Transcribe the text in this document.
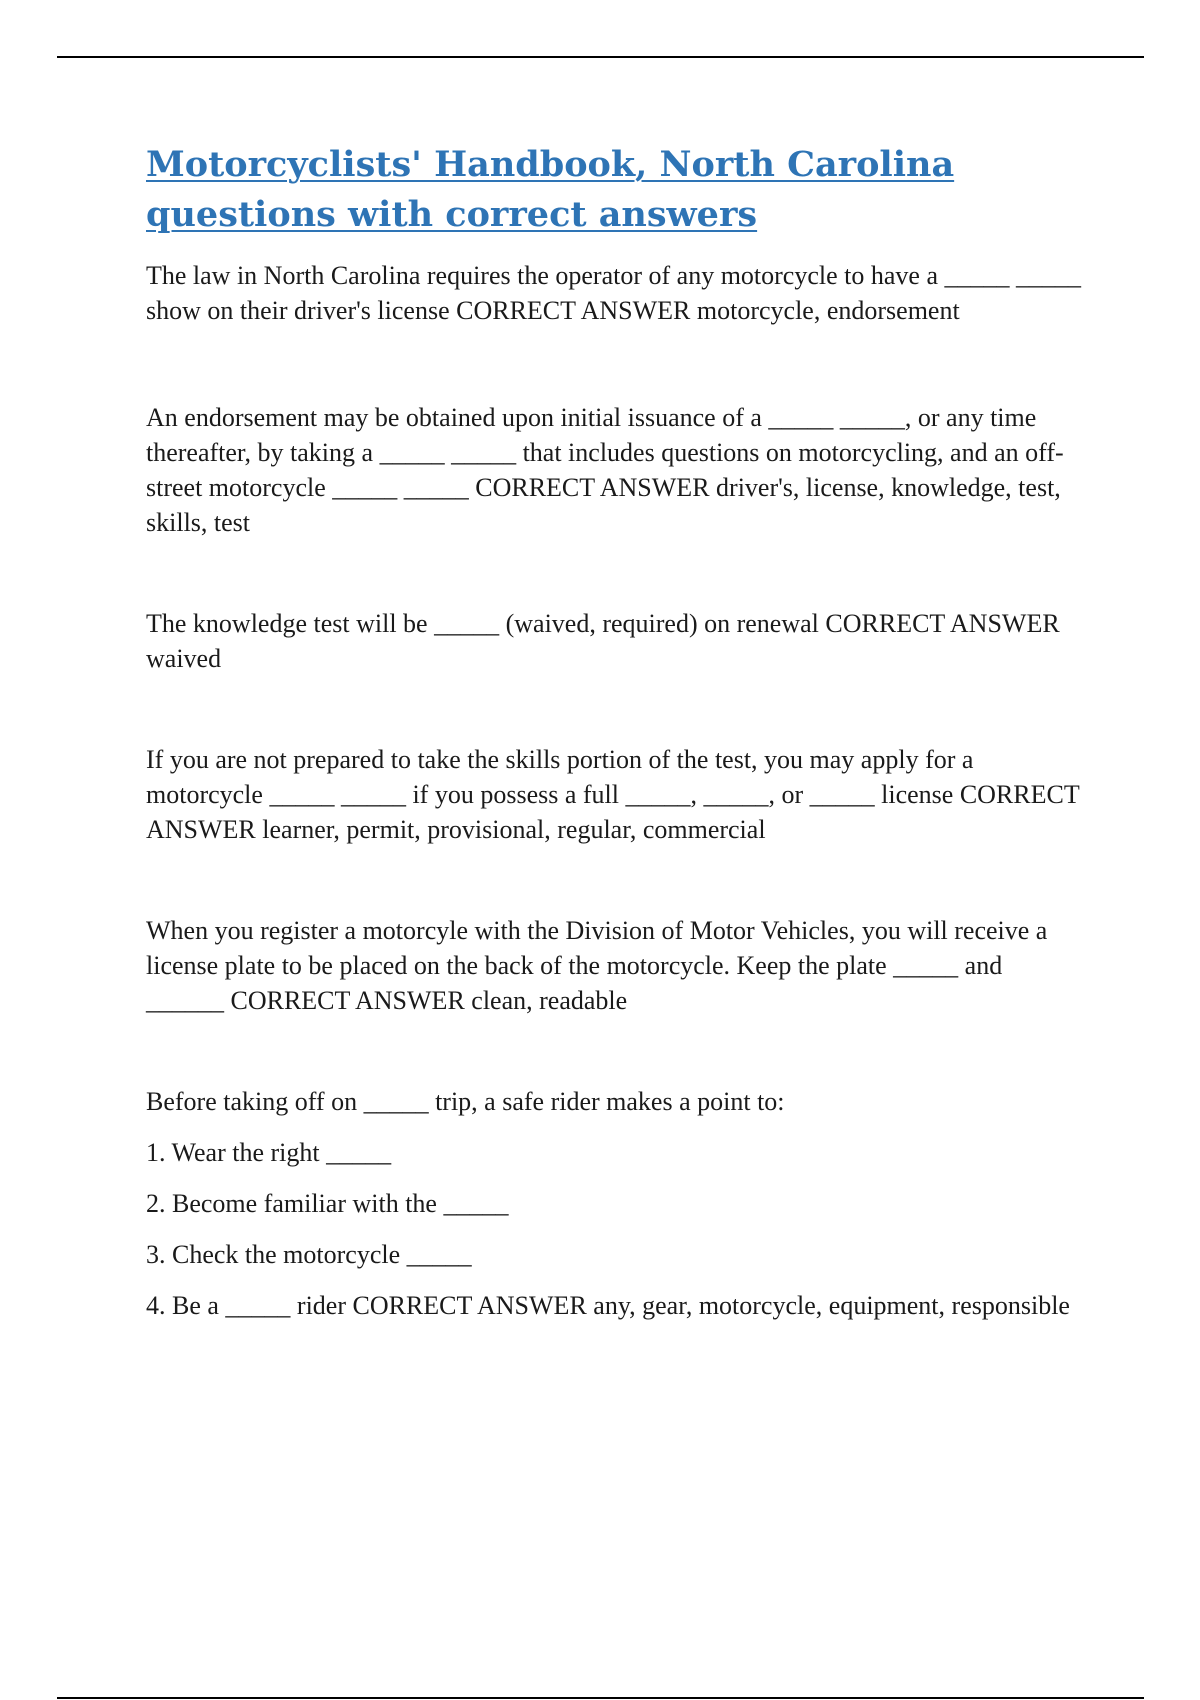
Motorcyclists' Handbook, North Carolina questions with correct answers

The law in North Carolina requires the operator of any motorcycle to have a _____ _____ show on their driver's license CORRECT ANSWER motorcycle, endorsement

An endorsement may be obtained upon initial issuance of a _____ _____, or any time thereafter, by taking a _____ _____ that includes questions on motorcycling, and an off-street motorcycle _____ _____ CORRECT ANSWER driver's, license, knowledge, test, skills, test

The knowledge test will be _____ (waived, required) on renewal CORRECT ANSWER waived

If you are not prepared to take the skills portion of the test, you may apply for a motorcycle _____ _____ if you possess a full _____, _____, or _____ license CORRECT ANSWER learner, permit, provisional, regular, commercial

When you register a motorcyle with the Division of Motor Vehicles, you will receive a license plate to be placed on the back of the motorcycle. Keep the plate _____ and ______ CORRECT ANSWER clean, readable

Before taking off on _____ trip, a safe rider makes a point to:

1. Wear the right _____

2. Become familiar with the _____

3. Check the motorcycle _____

4. Be a _____ rider CORRECT ANSWER any, gear, motorcycle, equipment, responsible
